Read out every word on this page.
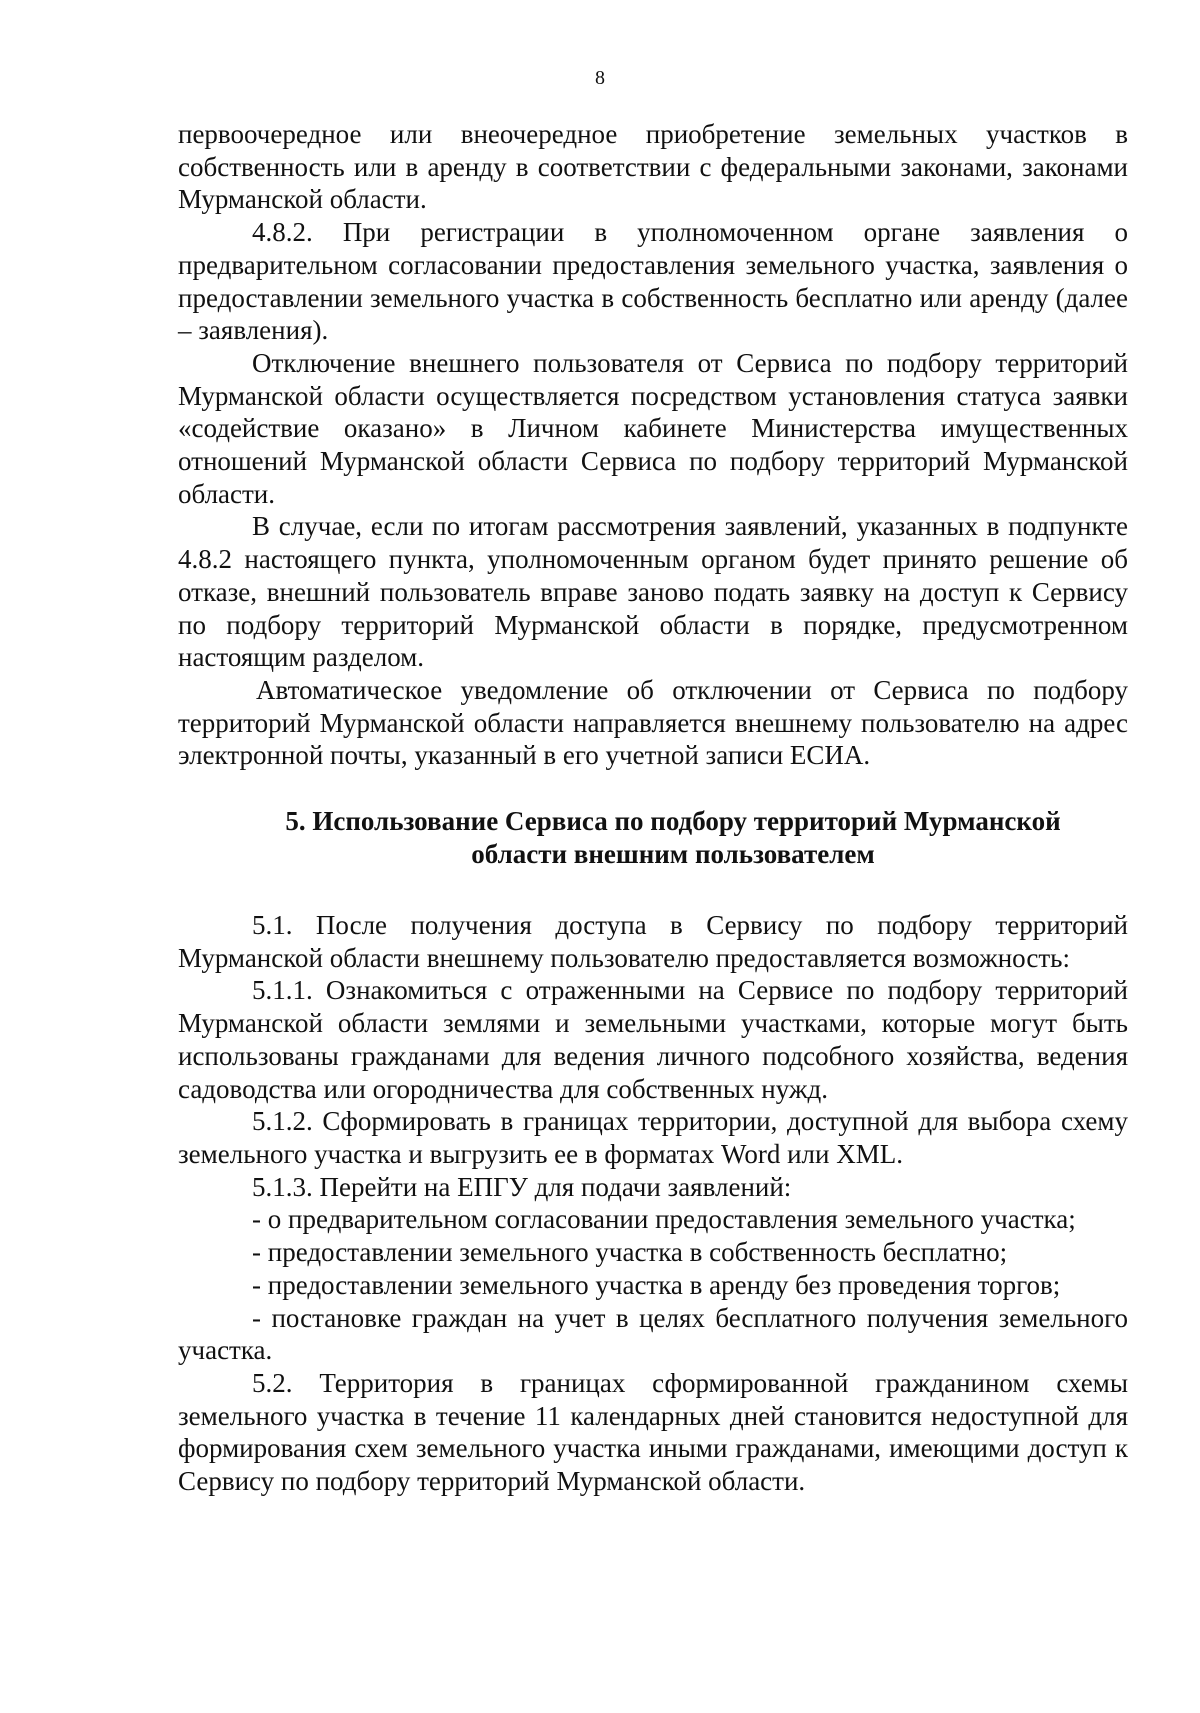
8

первоочередное или внеочередное приобретение земельных участков в собственность или в аренду в соответствии с федеральными законами, законами Мурманской области.

4.8.2. При регистрации в уполномоченном органе заявления о предварительном согласовании предоставления земельного участка, заявления о предоставлении земельного участка в собственность бесплатно или аренду (далее – заявления).

Отключение внешнего пользователя от Сервиса по подбору территорий Мурманской области осуществляется посредством установления статуса заявки «содействие оказано» в Личном кабинете Министерства имущественных отношений Мурманской области Сервиса по подбору территорий Мурманской области.

В случае, если по итогам рассмотрения заявлений, указанных в подпункте 4.8.2 настоящего пункта, уполномоченным органом будет принято решение об отказе, внешний пользователь вправе заново подать заявку на доступ к Сервису по подбору территорий Мурманской области в порядке, предусмотренном настоящим разделом.

Автоматическое уведомление об отключении от Сервиса по подбору территорий Мурманской области направляется внешнему пользователю на адрес электронной почты, указанный в его учетной записи ЕСИА.

5. Использование Сервиса по подбору территорий Мурманской
области внешним пользователем

5.1. После получения доступа в Сервису по подбору территорий Мурманской области внешнему пользователю предоставляется возможность:

5.1.1. Ознакомиться с отраженными на Сервисе по подбору территорий Мурманской области землями и земельными участками, которые могут быть использованы гражданами для ведения личного подсобного хозяйства, ведения садоводства или огородничества для собственных нужд.

5.1.2. Сформировать в границах территории, доступной для выбора схему земельного участка и выгрузить ее в форматах Word или XML.

5.1.3. Перейти на ЕПГУ для подачи заявлений:

- о предварительном согласовании предоставления земельного участка;

- предоставлении земельного участка в собственность бесплатно;

- предоставлении земельного участка в аренду без проведения торгов;

- постановке граждан на учет в целях бесплатного получения земельного участка.

5.2. Территория в границах сформированной гражданином схемы земельного участка в течение 11 календарных дней становится недоступной для формирования схем земельного участка иными гражданами, имеющими доступ к Сервису по подбору территорий Мурманской области.
